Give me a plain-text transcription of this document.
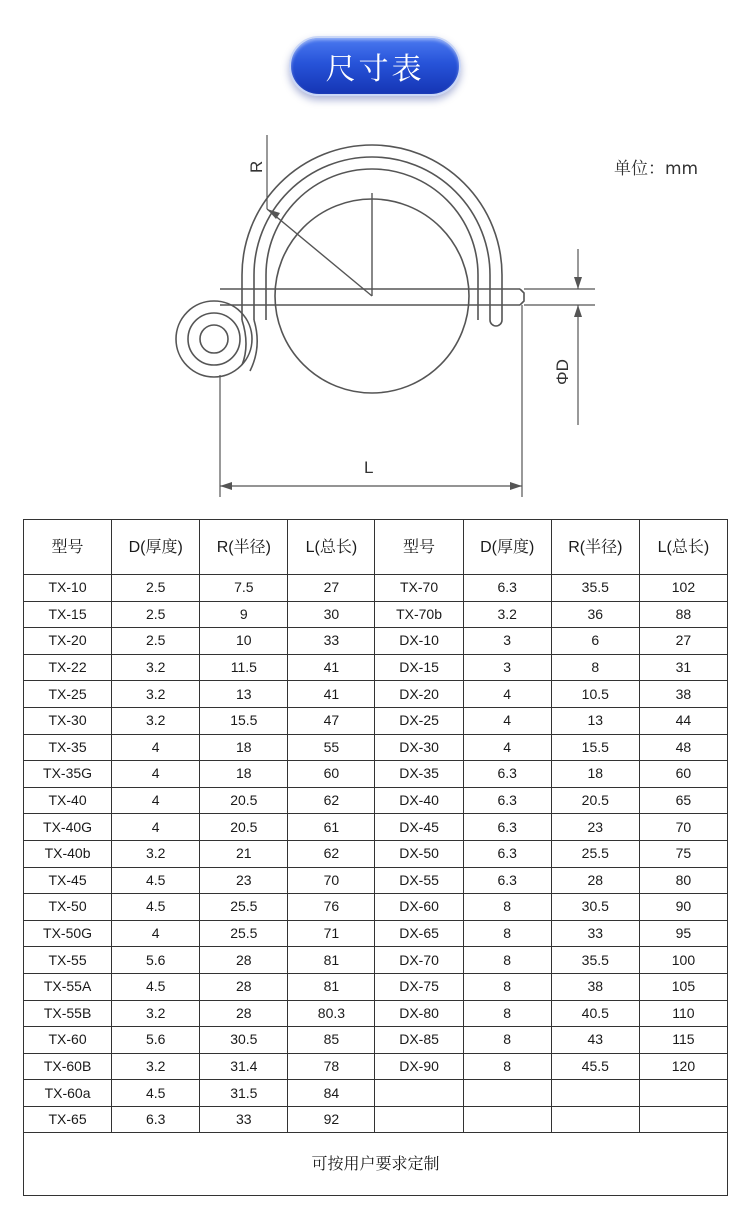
尺寸表
单位：mm
R
ΦD
L
型号	D(厚度)	R(半径)	L(总长)	型号	D(厚度)	R(半径)	L(总长)
TX-10	2.5	7.5	27	TX-70	6.3	35.5	102
TX-15	2.5	9	30	TX-70b	3.2	36	88
TX-20	2.5	10	33	DX-10	3	6	27
TX-22	3.2	11.5	41	DX-15	3	8	31
TX-25	3.2	13	41	DX-20	4	10.5	38
TX-30	3.2	15.5	47	DX-25	4	13	44
TX-35	4	18	55	DX-30	4	15.5	48
TX-35G	4	18	60	DX-35	6.3	18	60
TX-40	4	20.5	62	DX-40	6.3	20.5	65
TX-40G	4	20.5	61	DX-45	6.3	23	70
TX-40b	3.2	21	62	DX-50	6.3	25.5	75
TX-45	4.5	23	70	DX-55	6.3	28	80
TX-50	4.5	25.5	76	DX-60	8	30.5	90
TX-50G	4	25.5	71	DX-65	8	33	95
TX-55	5.6	28	81	DX-70	8	35.5	100
TX-55A	4.5	28	81	DX-75	8	38	105
TX-55B	3.2	28	80.3	DX-80	8	40.5	110
TX-60	5.6	30.5	85	DX-85	8	43	115
TX-60B	3.2	31.4	78	DX-90	8	45.5	120
TX-60a	4.5	31.5	84				
TX-65	6.3	33	92				
可按用户要求定制							
